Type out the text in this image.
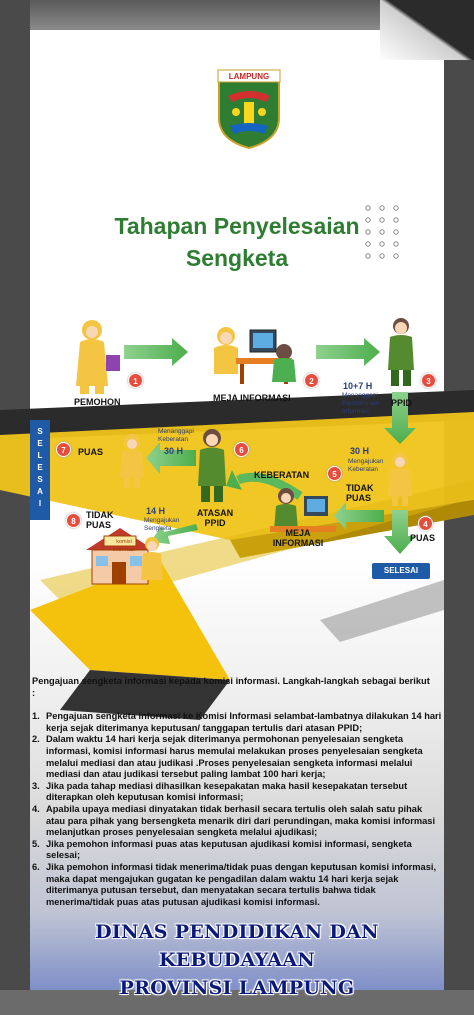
LAMPUNG
Tahapan Penyelesaian
Sengketa
PEMOHON	MEJA INFORMASI	PPID
10+7 H
Menanggapi Permohonan Informasi
30 H
Mengajukan Keberatan
TIDAK PUAS
PUAS
KEBERATAN
MEJA INFORMASI
ATASAN PPID
30 H
Menanggapi Keberatan
PUAS
TIDAK PUAS
14 H
Mengajukan Sengketa
komisi informasi
1	2	3
4
5
6
7
8
S
E
L
E
S
A
I
SELESAI
Pengajuan sengketa informasi kepada komisi informasi. Langkah-langkah sebagai berikut :
1. Pengajuan sengketa informasi ke Komisi Informasi selambat-lambatnya dilakukan 14 hari kerja sejak diterimanya keputusan/ tanggapan tertulis dari atasan PPID;
2. Dalam waktu 14 hari kerja sejak diterimanya permohonan penyelesaian sengketa informasi, komisi informasi harus memulai melakukan proses penyelesaian sengketa melalui mediasi dan atau judikasi .Proses penyelesaian sengketa informasi melalui mediasi dan atau judikasi tersebut paling lambat 100 hari kerja;
3. Jika pada tahap mediasi dihasilkan kesepakatan maka hasil kesepakatan tersebut diterapkan oleh keputusan komisi informasi;
4. Apabila upaya mediasi dinyatakan tidak berhasil secara tertulis oleh salah satu pihak atau para pihak yang bersengketa menarik diri dari perundingan, maka komisi informasi melanjutkan proses penyelesaian sengketa melalui ajudikasi;
5. Jika pemohon informasi puas atas keputusan ajudikasi komisi informasi, sengketa selesai;
6. Jika pemohon informasi tidak menerima/tidak puas dengan keputusan komisi informasi, maka dapat mengajukan gugatan ke pengadilan dalam waktu 14 hari kerja sejak diterimanya putusan tersebut, dan menyatakan secara tertulis bahwa tidak menerima/tidak puas atas putusan ajudikasi komisi informasi.
DINAS PENDIDIKAN DAN KEBUDAYAAN
PROVINSI LAMPUNG
